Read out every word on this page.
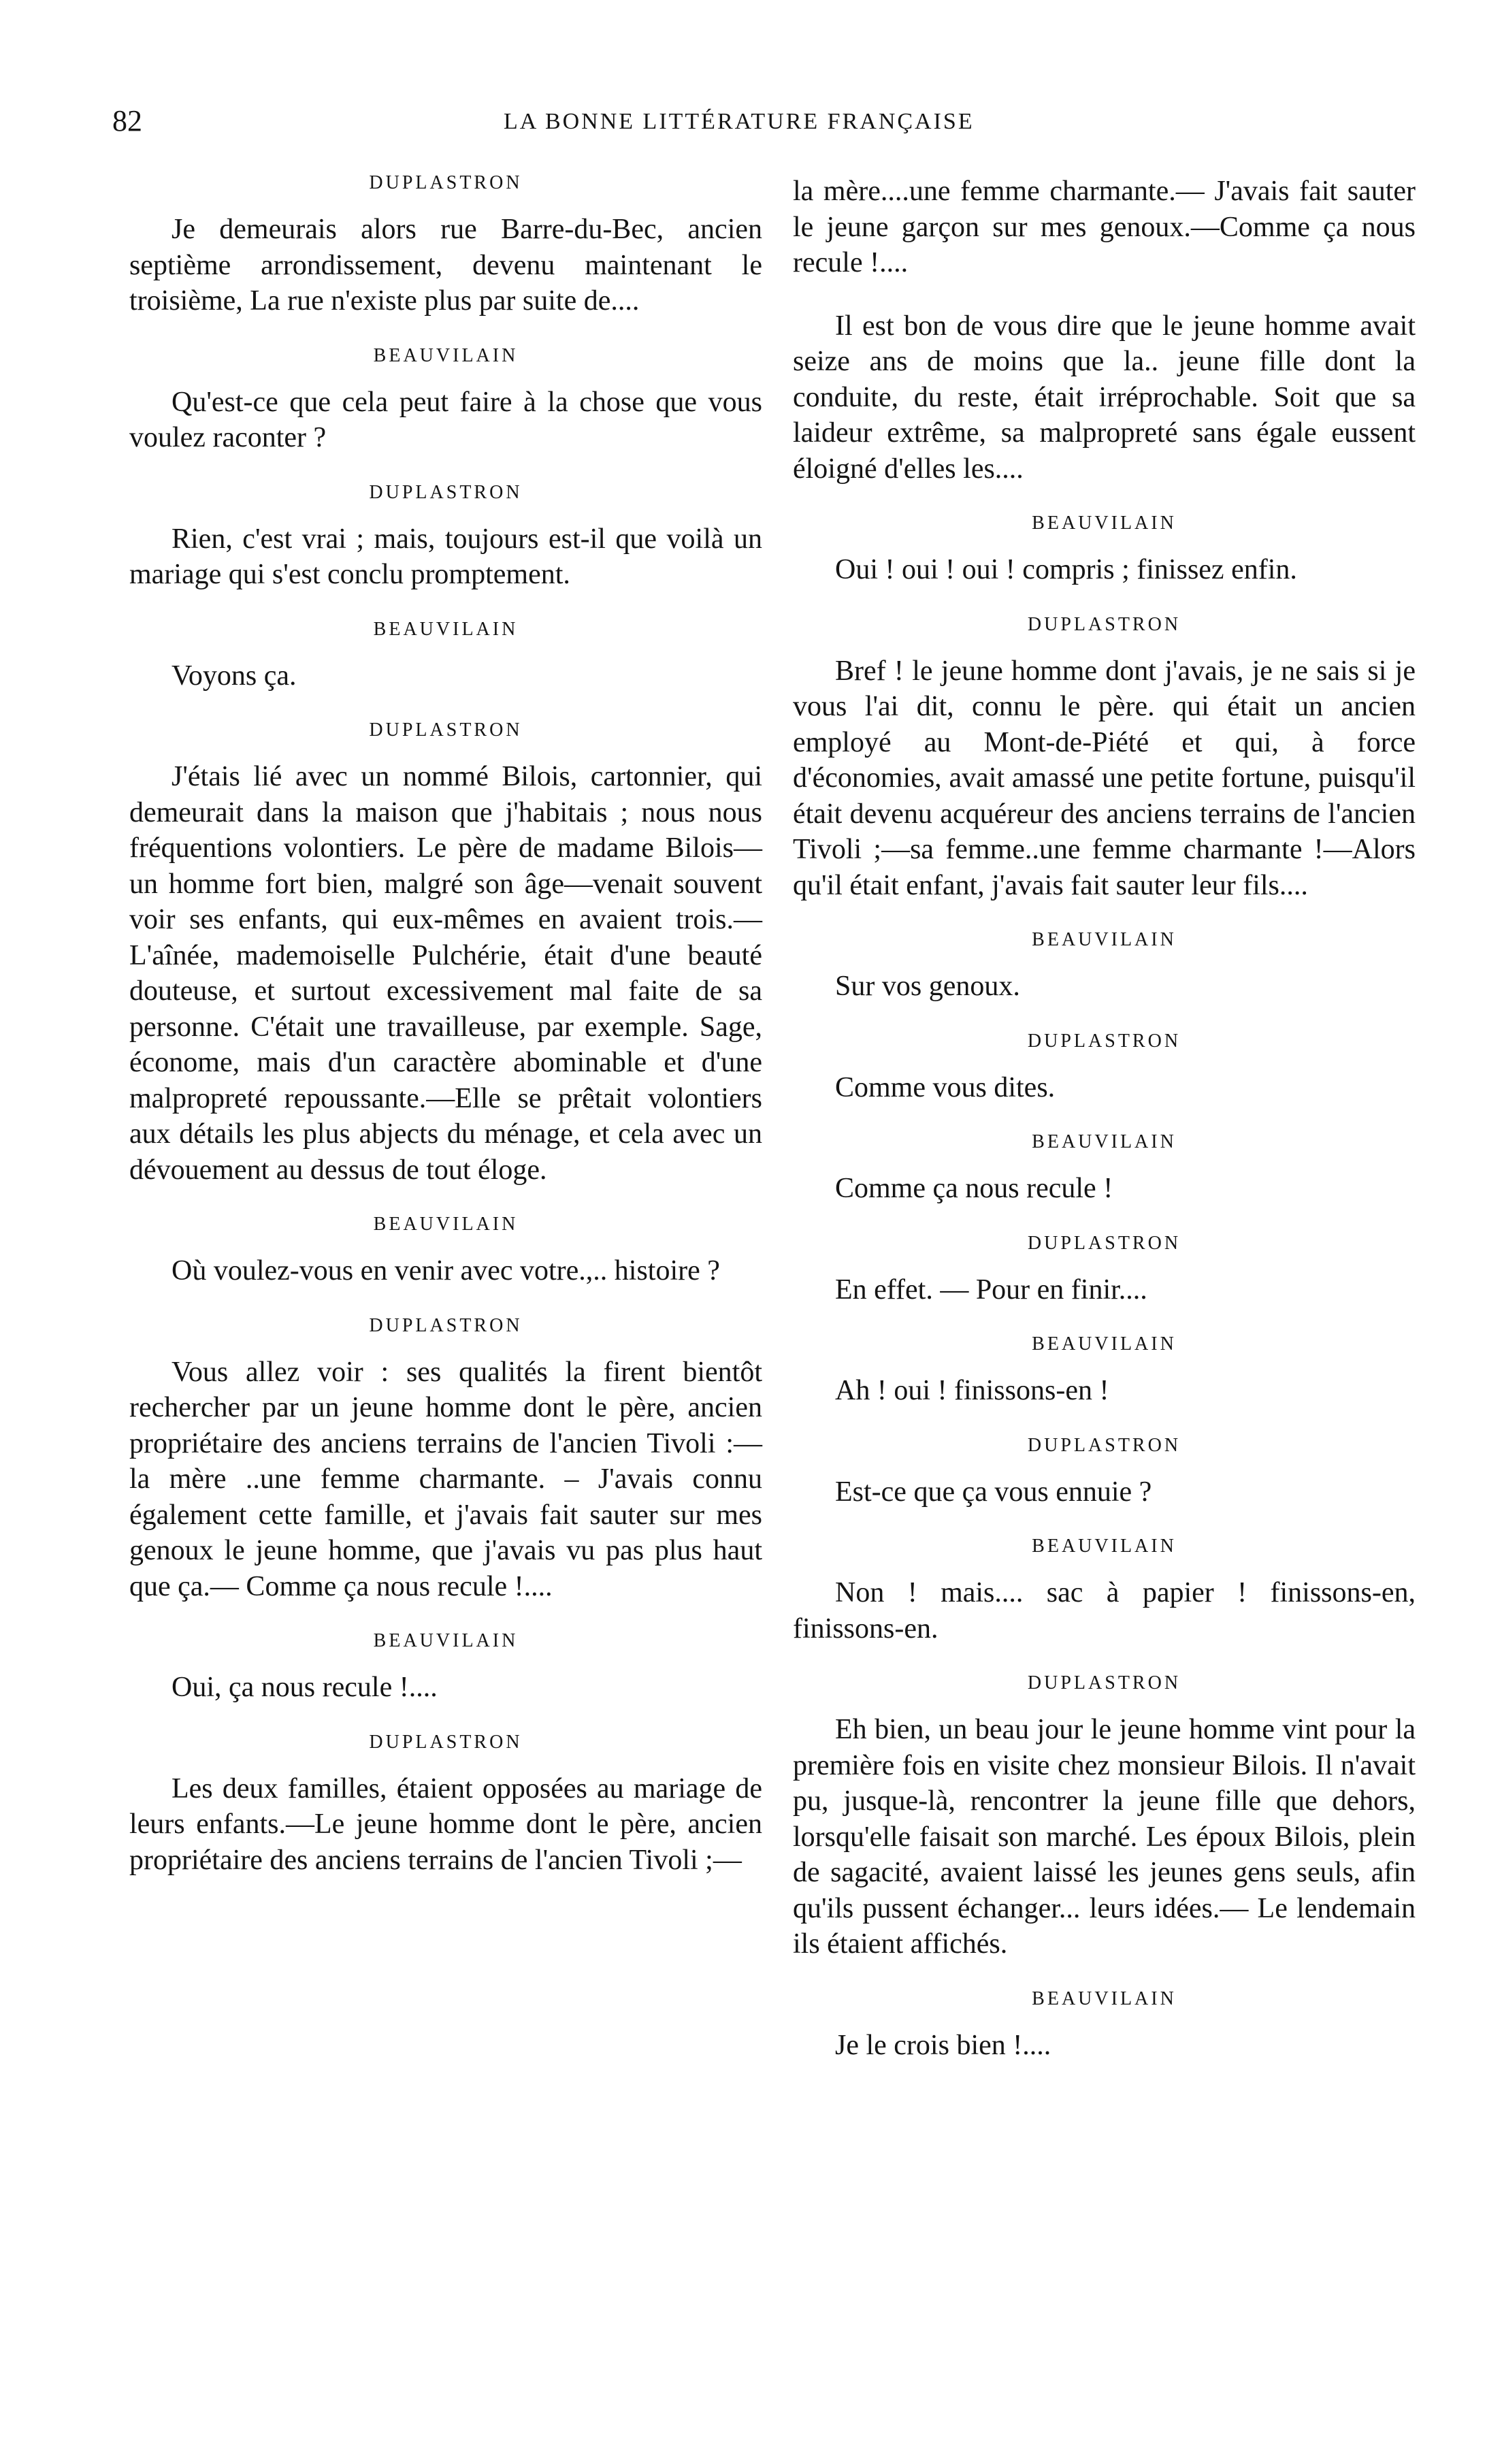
82	LA BONNE LITTÉRATURE FRANÇAISE
DUPLASTRON

Je demeurais alors rue Barre-du-Bec, ancien septième arrondissement, devenu maintenant le troisième, La rue n'existe plus par suite de....

BEAUVILAIN

Qu'est-ce que cela peut faire à la chose que vous voulez raconter ?

DUPLASTRON

Rien, c'est vrai ; mais, toujours est-il que voilà un mariage qui s'est conclu promptement.

BEAUVILAIN

Voyons ça.

DUPLASTRON

J'étais lié avec un nommé Bilois, cartonnier, qui demeurait dans la maison que j'habitais ; nous nous fréquentions volontiers. Le père de madame Bilois—un homme fort bien, malgré son âge—venait souvent voir ses enfants, qui eux-mêmes en avaient trois.—L'aînée, mademoiselle Pulchérie, était d'une beauté douteuse, et surtout excessivement mal faite de sa personne. C'était une travailleuse, par exemple. Sage, économe, mais d'un caractère abominable et d'une malpropreté repoussante.—Elle se prêtait volontiers aux détails les plus abjects du ménage, et cela avec un dévouement au dessus de tout éloge.

BEAUVILAIN

Où voulez-vous en venir avec votre.,.. histoire ?

DUPLASTRON

Vous allez voir : ses qualités la firent bientôt rechercher par un jeune homme dont le père, ancien propriétaire des anciens terrains de l'ancien Tivoli :—la mère ..une femme charmante. – J'avais connu également cette famille, et j'avais fait sauter sur mes genoux le jeune homme, que j'avais vu pas plus haut que ça.— Comme ça nous recule !....

BEAUVILAIN

Oui, ça nous recule !....

DUPLASTRON

Les deux familles, étaient opposées au mariage de leurs enfants.—Le jeune homme dont le père, ancien propriétaire des anciens terrains de l'ancien Tivoli ;—

la mère....une femme charmante.— J'avais fait sauter le jeune garçon sur mes genoux.—Comme ça nous recule !....

Il est bon de vous dire que le jeune homme avait seize ans de moins que la.. jeune fille dont la conduite, du reste, était irréprochable. Soit que sa laideur extrême, sa malpropreté sans égale eussent éloigné d'elles les....

BEAUVILAIN

Oui ! oui ! oui ! compris ; finissez enfin.

DUPLASTRON

Bref ! le jeune homme dont j'avais, je ne sais si je vous l'ai dit, connu le père. qui était un ancien employé au Mont-de-Piété et qui, à force d'économies, avait amassé une petite fortune, puisqu'il était devenu acquéreur des anciens terrains de l'ancien Tivoli ;—sa femme..une femme charmante !—Alors qu'il était enfant, j'avais fait sauter leur fils....

BEAUVILAIN

Sur vos genoux.

DUPLASTRON

Comme vous dites.

BEAUVILAIN

Comme ça nous recule !

DUPLASTRON

En effet. — Pour en finir....

BEAUVILAIN

Ah ! oui ! finissons-en !

DUPLASTRON

Est-ce que ça vous ennuie ?

BEAUVILAIN

Non ! mais.... sac à papier ! finissons-en, finissons-en.

DUPLASTRON

Eh bien, un beau jour le jeune homme vint pour la première fois en visite chez monsieur Bilois. Il n'avait pu, jusque-là, rencontrer la jeune fille que dehors, lorsqu'elle faisait son marché. Les époux Bilois, plein de sagacité, avaient laissé les jeunes gens seuls, afin qu'ils pussent échanger... leurs idées.— Le lendemain ils étaient affichés.

BEAUVILAIN

Je le crois bien !....
